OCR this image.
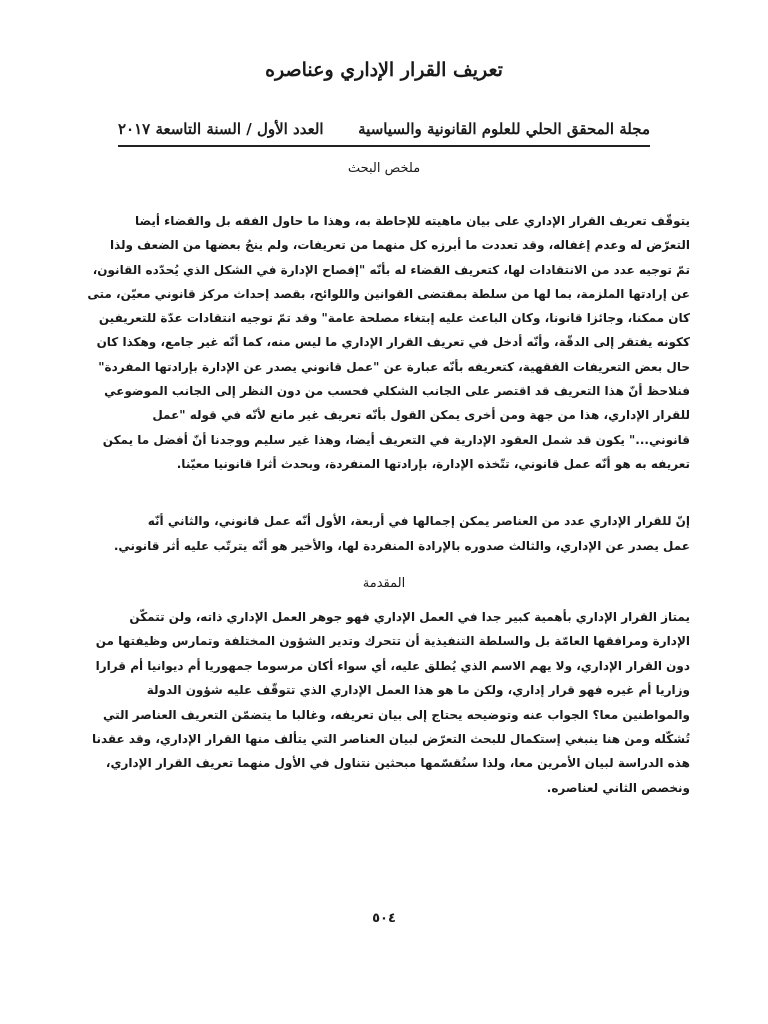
تعريف القرار الإداري وعناصره
مجلة المحقق الحلي للعلوم القانونية والسياسية
العدد الأول / السنة التاسعة ٢٠١٧
ملخص البحث
يتوقّف تعريف القرار الإداري على بيان ماهيته للإحاطة به، وهذا ما حاول الفقه بل والقضاء أيضا
التعرّض له وعدم إغفاله، وقد تعددت ما أبرزه كل منهما من تعريفات، ولم ينجُ بعضها من الضعف ولذا
تمّ توجيه عدد من الانتقادات لها، كتعريف القضاء له بأنّه "إفصاح الإدارة في الشكل الذي يُحدّده القانون،
عن إرادتها الملزمة، بما لها من سلطة بمقتضى القوانين واللوائح، بقصد إحداث مركز قانوني معيّن، متى
كان ممكنا، وجائزا قانونا، وكان الباعث عليه إبتغاء مصلحة عامة" وقد تمّ توجيه انتقادات عدّة للتعريفين
ككونه يفتقر إلى الدقّة، وأنّه أدخل في تعريف القرار الإداري ما ليس منه، كما أنّه غير جامع، وهكذا كان
حال بعض التعريفات الفقهية، كتعريفه بأنّه عبارة عن "عمل قانوني يصدر عن الإدارة بإرادتها المفردة"
فنلاحظ أنّ هذا التعريف قد اقتصر على الجانب الشكلي فحسب من دون النظر إلى الجانب الموضوعي
للقرار الإداري، هذا من جهة ومن أخرى يمكن القول بأنّه تعريف غير مانع لأنّه في قوله "عمل
قانوني..." يكون قد شمل العقود الإدارية في التعريف أيضا، وهذا غير سليم ووجدنا أنّ أفضل ما يمكن
تعريفه به هو أنّه عمل قانوني، تتّخذه الإدارة، بإرادتها المنفردة، وبحدث أثرا قانونيا معيّنا.
إنّ للقرار الإداري عدد من العناصر يمكن إجمالها في أربعة، الأول أنّه عمل قانوني، والثاني أنّه
عمل يصدر عن الإداري، والثالث صدوره بالإرادة المنفردة لها، والأخير هو أنّه يترتّب عليه أثر قانوني.
المقدمة
يمتاز القرار الإداري بأهمية كبير جدا في العمل الإداري فهو جوهر العمل الإداري ذاته، ولن تتمكّن
الإدارة ومرافقها العامّة بل والسلطة التنفيذية أن تتحرك وتدير الشؤون المختلفة وتمارس وظيفتها من
دون القرار الإداري، ولا يهم الاسم الذي يُطلق عليه، أي سواء أكان مرسوما جمهوريا أم ديوانيا أم قرارا
وزاريا أم غيره فهو قرار إداري، ولكن ما هو هذا العمل الإداري الذي تتوقّف عليه شؤون الدولة
والمواطنين معا؟ الجواب عنه وتوضيحه يحتاج إلى بيان تعريفه، وغالبا ما يتضمّن التعريف العناصر التي
تُشكّله ومن هنا ينبغي إستكمال للبحث التعرّض لبيان العناصر التي يتألف منها القرار الإداري، وقد عقدنا
هذه الدراسة لبيان الأمرين معا، ولذا سنُقسّمها مبحثين نتناول في الأول منهما تعريف القرار الإداري،
ونخصص الثاني لعناصره.
٥٠٤
